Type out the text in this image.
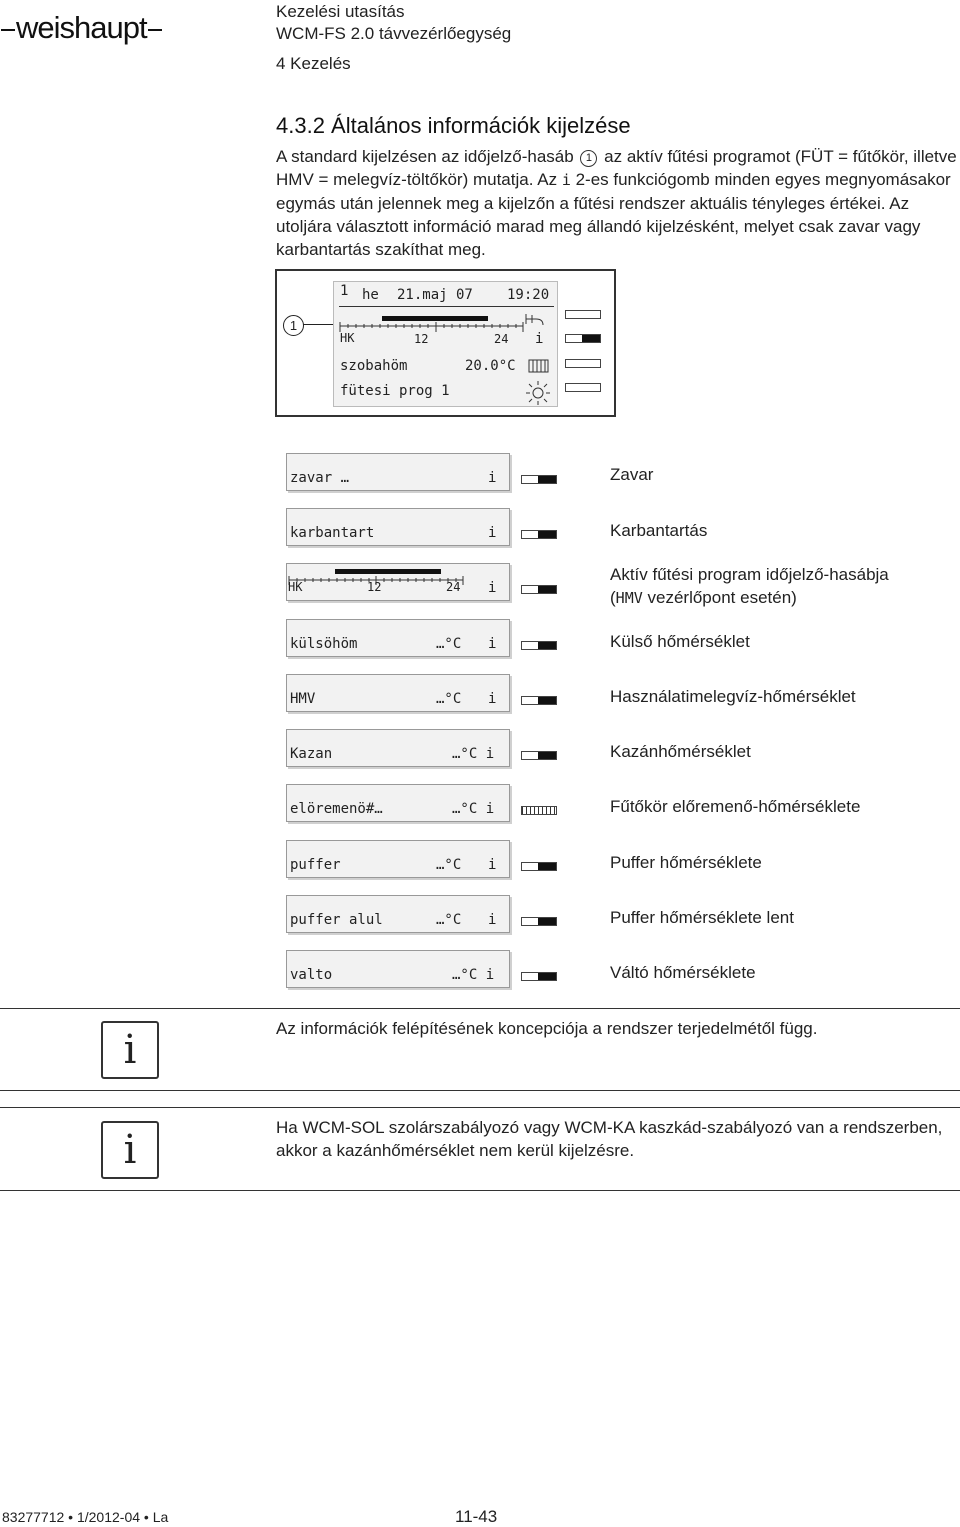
weishaupt	Kezelési utasítás
WCM-FS 2.0 távvezérlőegység
4 Kezelés
4.3.2 Általános információk kijelzése
A standard kijelzésen az időjelző-hasáb 1 az aktív fűtési programot (FÜT = fűtőkör, illetve HMV = melegvíz-töltőkör) mutatja. Az i 2-es funkciógomb minden egyes megnyomásakor egymás után jelennek meg a kijelzőn a fűtési rendszer aktuális tényleges értékei. Az utoljára választott információ marad meg állandó kijelzésként, melyet csak zavar vagy karbantartás szakíthat meg.
1
1 he 21.maj 07 19:20
HK	12	24 i
szobahöm	20.0°C
fütesi prog 1
zavar …	i	Zavar
karbantart	i	Karbantartás
HK	12	24 i
Aktív fűtési program időjelző-hasábja
(HMV vezérlőpont esetén)
külsöhöm	…°C i	Külső hőmérséklet
HMV	…°C i	Használatimelegvíz-hőmérséklet
Kazan	…°C i	Kazánhőmérséklet
elöremenö#…	…°C i	Fűtőkör előremenő-hőmérséklete
puffer	…°C i	Puffer hőmérséklete
puffer alul	…°C i	Puffer hőmérséklete lent
valto	…°C i	Váltó hőmérséklete
i	Az információk felépítésének koncepciója a rendszer terjedelmétől függ.
i	Ha WCM-SOL szolárszabályozó vagy WCM-KA kaszkád-szabályozó van a rendszerben, akkor a kazánhőmérséklet nem kerül kijelzésre.
83277712 • 1/2012-04 • La	11-43
